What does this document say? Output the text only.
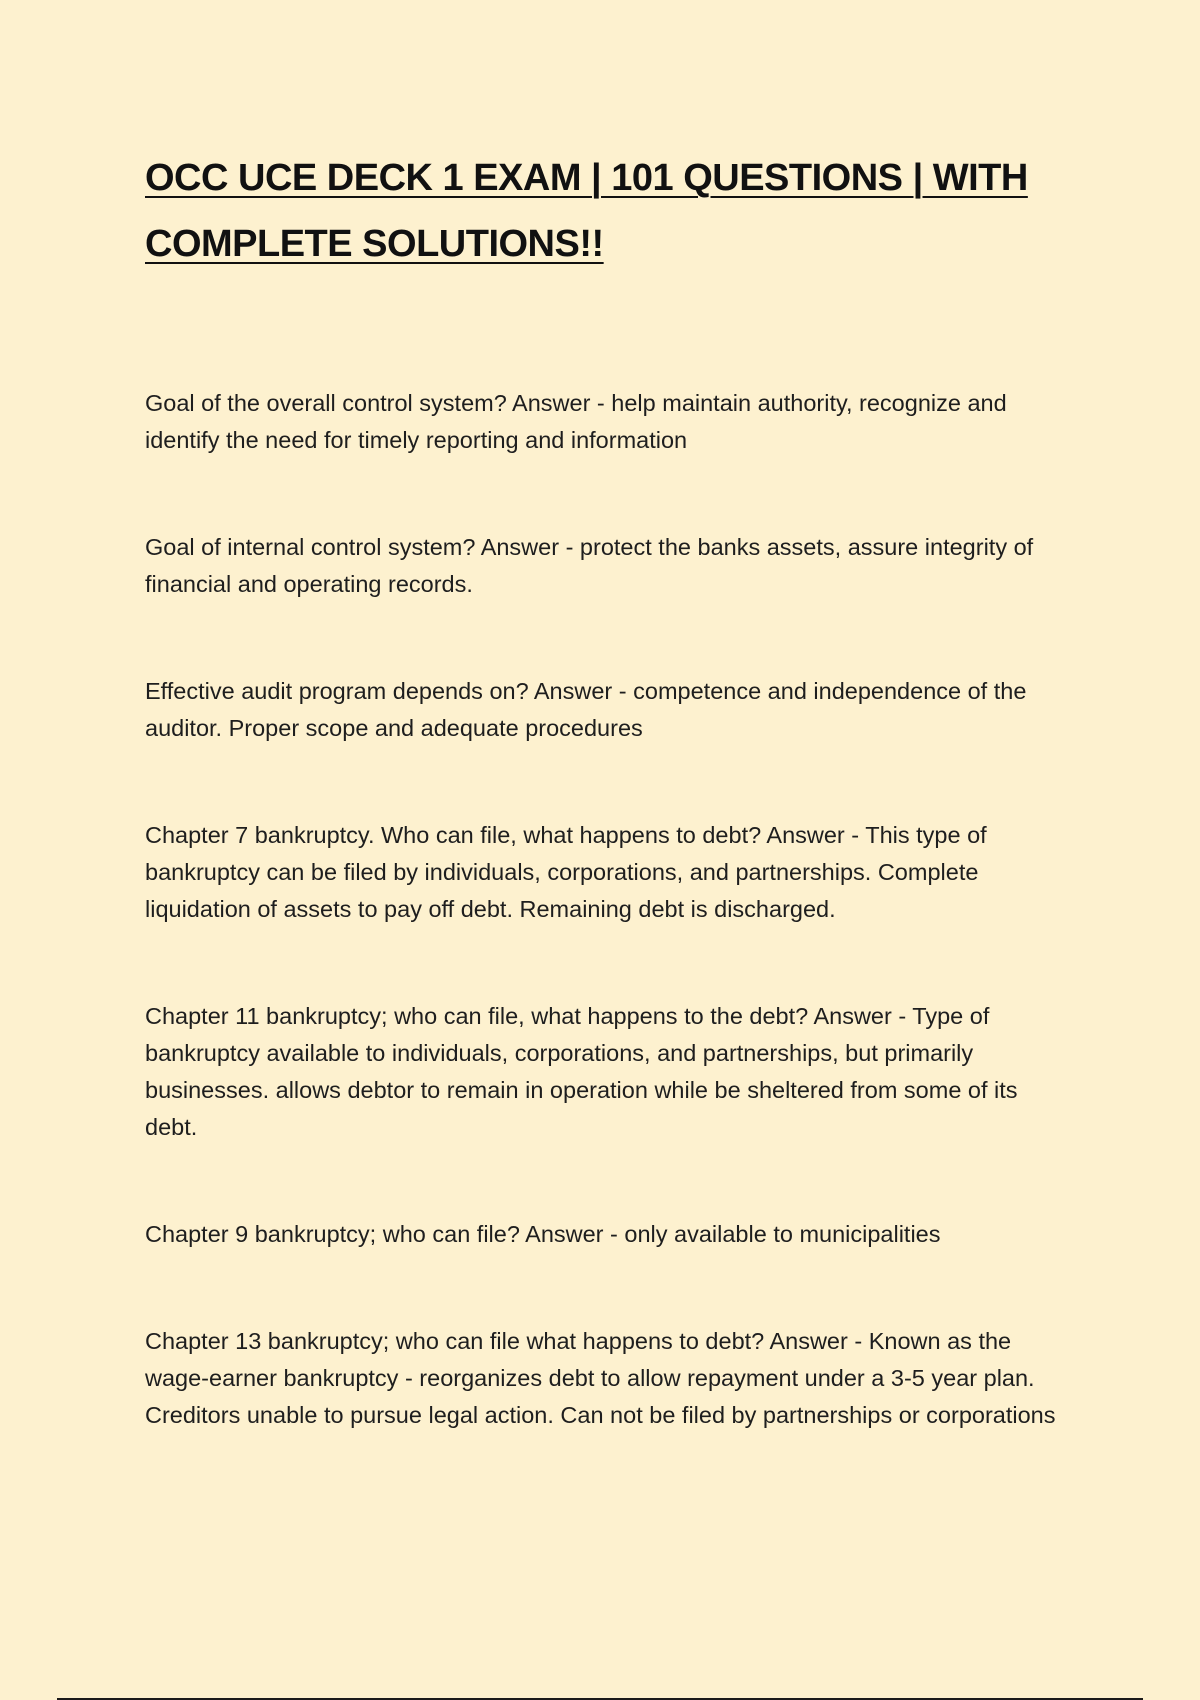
OCC UCE DECK 1 EXAM | 101 QUESTIONS | WITH COMPLETE SOLUTIONS!!

Goal of the overall control system? Answer - help maintain authority, recognize and identify the need for timely reporting and information

Goal of internal control system? Answer - protect the banks assets, assure integrity of financial and operating records.

Effective audit program depends on? Answer - competence and independence of the auditor. Proper scope and adequate procedures

Chapter 7 bankruptcy. Who can file, what happens to debt? Answer - This type of bankruptcy can be filed by individuals, corporations, and partnerships. Complete liquidation of assets to pay off debt. Remaining debt is discharged.

Chapter 11 bankruptcy; who can file, what happens to the debt? Answer - Type of bankruptcy available to individuals, corporations, and partnerships, but primarily businesses. allows debtor to remain in operation while be sheltered from some of its debt.

Chapter 9 bankruptcy; who can file? Answer - only available to municipalities

Chapter 13 bankruptcy; who can file what happens to debt? Answer - Known as the wage-earner bankruptcy - reorganizes debt to allow repayment under a 3-5 year plan. Creditors unable to pursue legal action. Can not be filed by partnerships or corporations
